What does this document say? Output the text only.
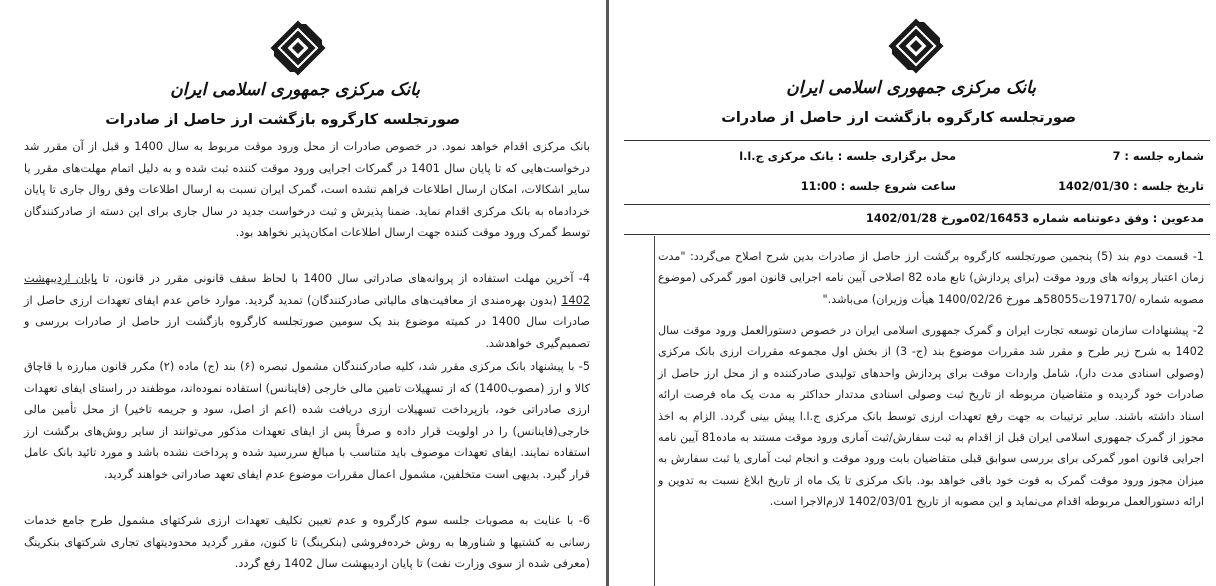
بانک مرکزی جمهوری اسلامی ایران
صورتجلسه کارگروه بازگشت ارز حاصل از صادرات
بانک مرکزی اقدام خواهد نمود. در خصوص صادرات از محل ورود موقت مربوط به سال 1400 و قبل از آن مقرر شد درخواست‌هایی که تا پایان سال 1401 در گمرکات اجرایی ورود موقت کننده ثبت شده و به دلیل اتمام مهلت‌های مقرر یا سایر اشکالات، امکان ارسال اطلاعات فراهم نشده است، گمرک ایران نسبت به ارسال اطلاعات وفق روال جاری تا پایان خردادماه به بانک مرکزی اقدام نماید. ضمنا پذیرش و ثبت درخواست جدید در سال جاری برای این دسته از صادرکنندگان توسط گمرک ورود موقت کننده جهت ارسال اطلاعات امکان‌پذیر نخواهد بود.
4- آخرین مهلت استفاده از پروانه‌های صادراتی سال 1400 با لحاظ سقف قانونی مقرر در قانون، تا پایان اردیبهشت 1402 (بدون بهره‌مندی از معافیت‌های مالیاتی صادرکنندگان) تمدید گردید. موارد خاص عدم ایفای تعهدات ارزی حاصل از صادرات سال 1400 در کمیته موضوع بند یک سومین صورتجلسه کارگروه بازگشت ارز حاصل از صادرات بررسی و تصمیم‌گیری خواهدشد.
5- با پیشنهاد بانک مرکزی مقرر شد، کلیه صادرکنندگان مشمول تبصره (۶) بند (ج) ماده (۲) مکرر قانون مبارزه با قاچاق کالا و ارز (مصوب1400) که از تسهیلات تامین مالی خارجی (فاینانس) استفاده نموده‌اند، موظفند در راستای ایفای تعهدات ارزی صادراتی خود، بازپرداخت تسهیلات ارزی دریافت شده (اعم از اصل، سود و جریمه تاخیر) از محل تأمین مالی خارجی(فاینانس) را در اولویت قرار داده و صرفاً پس از ایفای تعهدات مذکور می‌توانند از سایر روش‌های برگشت ارز استفاده نمایند. ایفای تعهدات موصوف باید متناسب با مبالغ سررسید شده و پرداخت نشده باشد و مورد تائید بانک عامل قرار گیرد. بدیهی است متخلفین، مشمول اعمال مقررات موضوع عدم ایفای تعهد صادراتی خواهند گردید.
6- با عنایت به مصوبات جلسه سوم کارگروه و عدم تعیین تکلیف تعهدات ارزی شرکتهای مشمول طرح جامع خدمات رسانی به کشتیها و شناورها به روش خرده‌فروشی (بنکرینگ) تا کنون، مقرر گردید محدودیتهای تجاری شرکتهای بنکرینگ (معرفی شده از سوی وزارت نفت) تا پایان اردیبهشت سال 1402 رفع گردد.
بانک مرکزی جمهوری اسلامی ایران
صورتجلسه کارگروه بازگشت ارز حاصل از صادرات
شماره جلسه : 7
محل برگزاری جلسه : بانک مرکزی ج.ا.ا
تاریخ جلسه : 1402/01/30
ساعت شروع جلسه : 11:00
مدعوین : وفق دعوتنامه شماره 02/16453مورخ 1402/01/28
1- قسمت دوم بند (5) پنجمین صورتجلسه کارگروه برگشت ارز حاصل از صادرات بدین شرح اصلاح می‌گردد: "مدت زمان اعتبار پروانه های ورود موقت (برای پردازش) تابع ماده 82 اصلاحی آیین نامه اجرایی قانون امور گمرکی (موضوع مصوبه شماره /197170ت58055هـ مورخ 1400/02/26 هیأت وزیران) می‌باشد."
2- پیشنهادات سازمان توسعه تجارت ایران و گمرک جمهوری اسلامی ایران در خصوص دستورالعمل ورود موقت سال 1402 به شرح زیر طرح و مقرر شد مقررات موضوع بند (ج- 3) از بخش اول مجموعه مقررات ارزی بانک مرکزی (وصولی اسنادی مدت دار)، شامل واردات موقت برای پردازش واحدهای تولیدی صادرکننده و از محل ارز حاصل از صادرات خود گردیده و متقاضیان مربوطه از تاریخ ثبت وصولی اسنادی مدتدار حداکثر به مدت یک ماه فرصت ارائه اسناد داشته باشند. سایر ترتیبات به جهت رفع تعهدات ارزی توسط بانک مرکزی ج.ا.ا پیش بینی گردد. الزام به اخذ مجوز از گمرک جمهوری اسلامی ایران قبل از اقدام به ثبت سفارش/ثبت آماری ورود موقت مستند به ماده81 آیین نامه اجرایی قانون امور گمرکی برای بررسی سوابق قبلی متقاضیان بابت ورود موقت و انجام ثبت آماری یا ثبت سفارش به میزان مجوز ورود موقت گمرک به فوت خود باقی خواهد بود. بانک مرکزی تا یک ماه از تاریخ ابلاغ نسبت به تدوین و ارائه دستورالعمل مربوطه اقدام می‌نماید و این مصوبه از تاریخ 1402/03/01 لازم‌الاجرا است.
